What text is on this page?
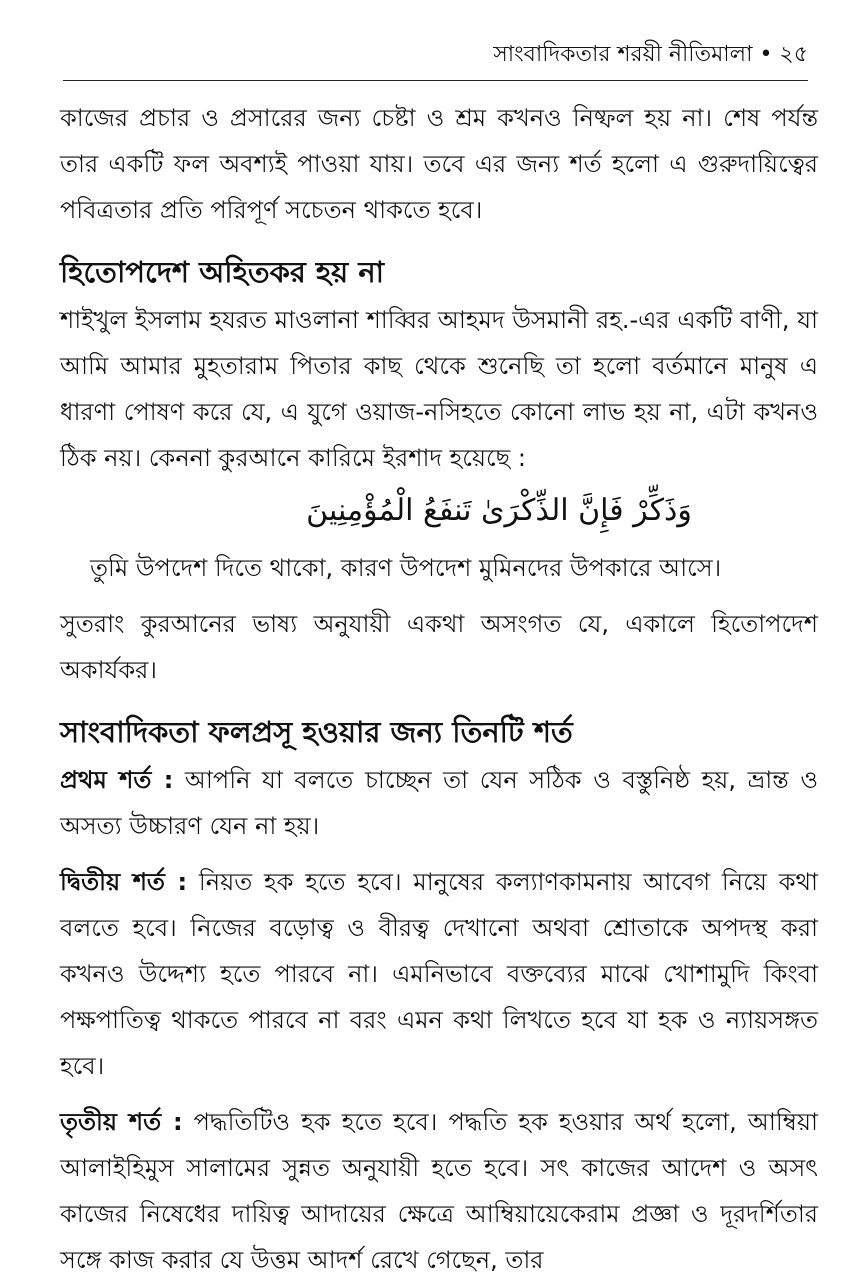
সাংবাদিকতার শরয়ী নীতিমালা • ২৫

কাজের প্রচার ও প্রসারের জন্য চেষ্টা ও শ্রম কখনও নিষ্ফল হয় না। শেষ পর্যন্ত তার একটি ফল অবশ্যই পাওয়া যায়। তবে এর জন্য শর্ত হলো এ গুরুদায়িত্বের পবিত্রতার প্রতি পরিপূর্ণ সচেতন থাকতে হবে।

হিতোপদেশ অহিতকর হয় না

শাইখুল ইসলাম হযরত মাওলানা শাব্বির আহমদ উসমানী রহ.-এর একটি বাণী, যা আমি আমার মুহতারাম পিতার কাছ থেকে শুনেছি তা হলো বর্তমানে মানুষ এ ধারণা পোষণ করে যে, এ যুগে ওয়াজ-নসিহতে কোনো লাভ হয় না, এটা কখনও ঠিক নয়। কেননা কুরআনে কারিমে ইরশাদ হয়েছে :

وَذَكِّرْ فَإِنَّ الذِّكْرَىٰ تَنفَعُ الْمُؤْمِنِينَ

তুমি উপদেশ দিতে থাকো, কারণ উপদেশ মুমিনদের উপকারে আসে।

সুতরাং কুরআনের ভাষ্য অনুযায়ী একথা অসংগত যে, একালে হিতোপদেশ অকার্যকর।

সাংবাদিকতা ফলপ্রসূ হওয়ার জন্য তিনটি শর্ত

প্রথম শর্ত : আপনি যা বলতে চাচ্ছেন তা যেন সঠিক ও বস্তুনিষ্ঠ হয়, ভ্রান্ত ও অসত্য উচ্চারণ যেন না হয়।

দ্বিতীয় শর্ত : নিয়ত হক হতে হবে। মানুষের কল্যাণকামনায় আবেগ নিয়ে কথা বলতে হবে। নিজের বড়োত্ব ও বীরত্ব দেখানো অথবা শ্রোতাকে অপদস্থ করা কখনও উদ্দেশ্য হতে পারবে না। এমনিভাবে বক্তব্যের মাঝে খোশামুদি কিংবা পক্ষপাতিত্ব থাকতে পারবে না বরং এমন কথা লিখতে হবে যা হক ও ন্যায়সঙ্গত হবে।

তৃতীয় শর্ত : পদ্ধতিটিও হক হতে হবে। পদ্ধতি হক হওয়ার অর্থ হলো, আম্বিয়া আলাইহিমুস সালামের সুন্নত অনুযায়ী হতে হবে। সৎ কাজের আদেশ ও অসৎ কাজের নিষেধের দায়িত্ব আদায়ের ক্ষেত্রে আম্বিয়ায়েকেরাম প্রজ্ঞা ও দূরদর্শিতার সঙ্গে কাজ করার যে উত্তম আদর্শ রেখে গেছেন, তার
